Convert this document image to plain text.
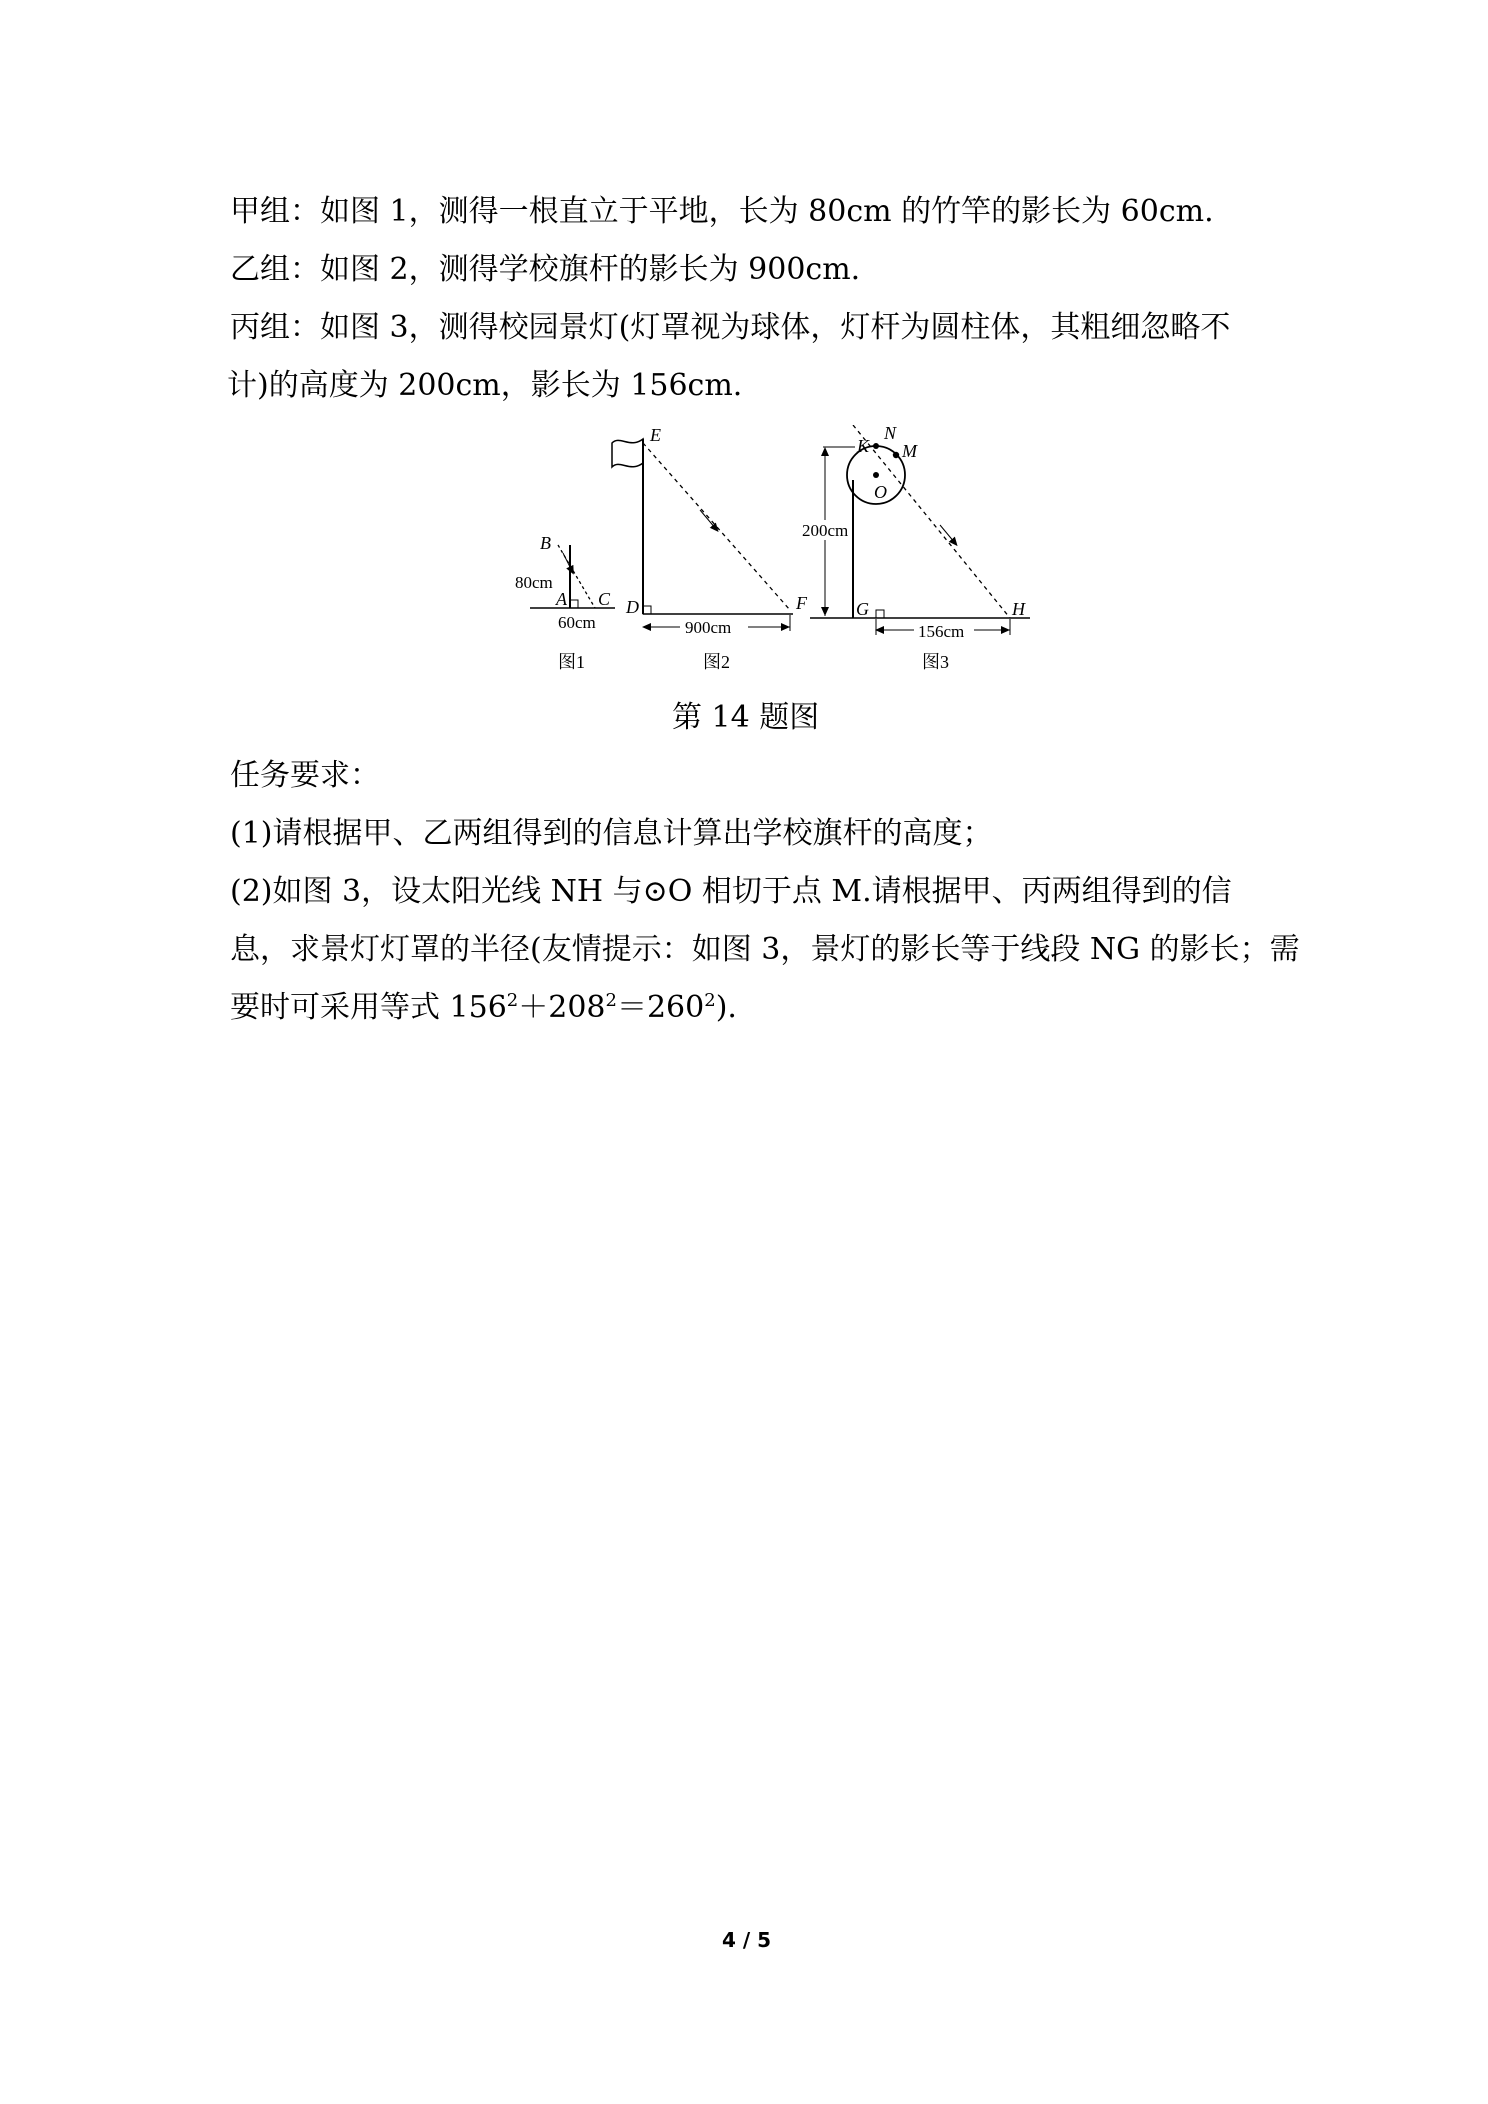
甲组：如图 1，测得一根直立于平地，长为 80cm 的竹竿的影长为 60cm.

乙组：如图 2，测得学校旗杆的影长为 900cm.

丙组：如图 3，测得校园景灯(灯罩视为球体，灯杆为圆柱体，其粗细忽略不

计)的高度为 200cm，影长为 156cm.

B
A C
80cm
60cm
图1
E
D	F
900cm
图2
N
K M
O
G	H
200cm
156cm
图3
第 14 题图

任务要求：

(1)请根据甲、乙两组得到的信息计算出学校旗杆的高度；

(2)如图 3，设太阳光线 NH 与⊙O 相切于点 M.请根据甲、丙两组得到的信

息，求景灯灯罩的半径(友情提示：如图 3，景灯的影长等于线段 NG 的影长；需

要时可采用等式 $156^2+208^2=260^2$).

4 / 5
